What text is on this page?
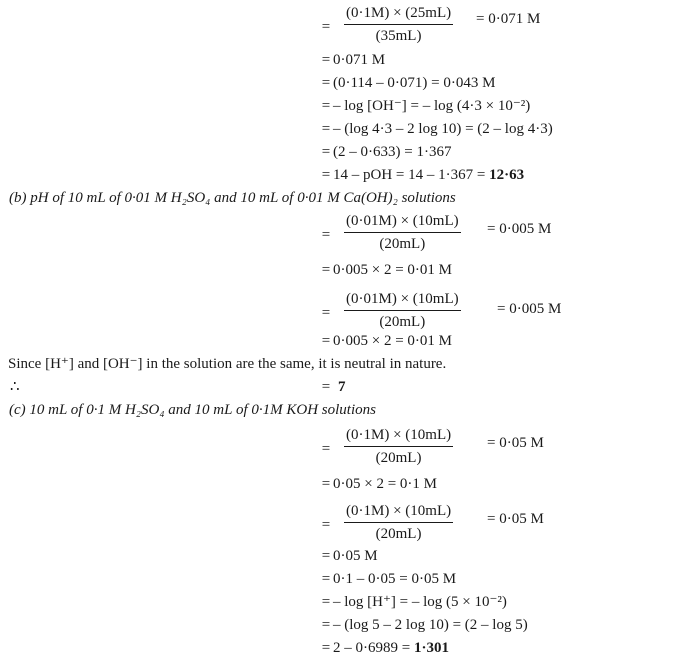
= $\frac{(0\cdot 1M) \times (25mL)}{(35mL)} = 0\cdot 071$ M
= 0·071 M
= (0·114 – 0·071) = 0·043 M
= – log [OH⁻] = – log (4·3 × 10⁻²)
= – (log 4·3 – 2 log 10) = (2 – log 4·3)
= (2 – 0·633) = 1·367
= 14 – pOH = 14 – 1·367 = 12·63
(b) pH of 10 mL of 0·01 M H₂SO₄ and 10 mL of 0·01 M Ca(OH)₂ solutions
= $\frac{(0\cdot 01M) \times (10mL)}{(20mL)} = 0\cdot 005$ M
= 0·005 × 2 = 0·01 M
= $\frac{(0\cdot 01M) \times (10mL)}{(20mL)} = 0\cdot 005$ M
= 0·005 × 2 = 0·01 M
Since [H⁺] and [OH⁻] in the solution are the same, it is neutral in nature.
∴	= 7
(c) 10 mL of 0·1 M H₂SO₄ and 10 mL of 0·1M KOH solutions
= $\frac{(0\cdot 1M) \times (10mL)}{(20mL)} = 0\cdot 05$ M
= 0·05 × 2 = 0·1 M
= $\frac{(0\cdot 1M) \times (10mL)}{(20mL)} = 0\cdot 05$ M
= 0·05 M
= 0·1 – 0·05 = 0·05 M
= – log [H⁺] = – log (5 × 10⁻²)
= – (log 5 – 2 log 10) = (2 – log 5)
= 2 – 0·6989 = 1·301
